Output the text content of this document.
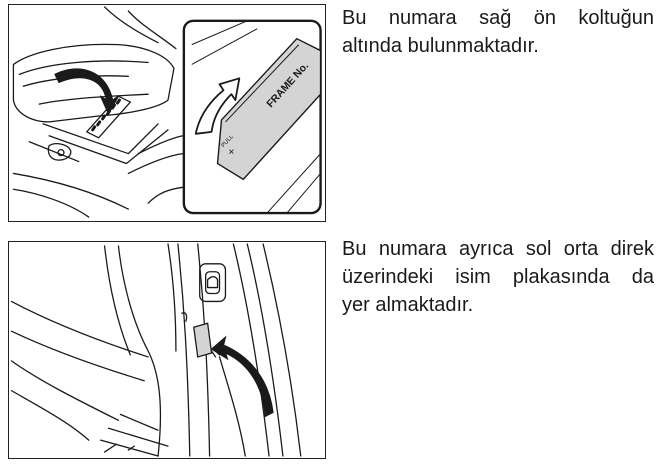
FRAME No.
PULL
Bu numara sağ ön koltuğun
altında bulunmaktadır.
Bu numara ayrıca sol orta direk
üzerindeki isim plakasında da
yer almaktadır.
